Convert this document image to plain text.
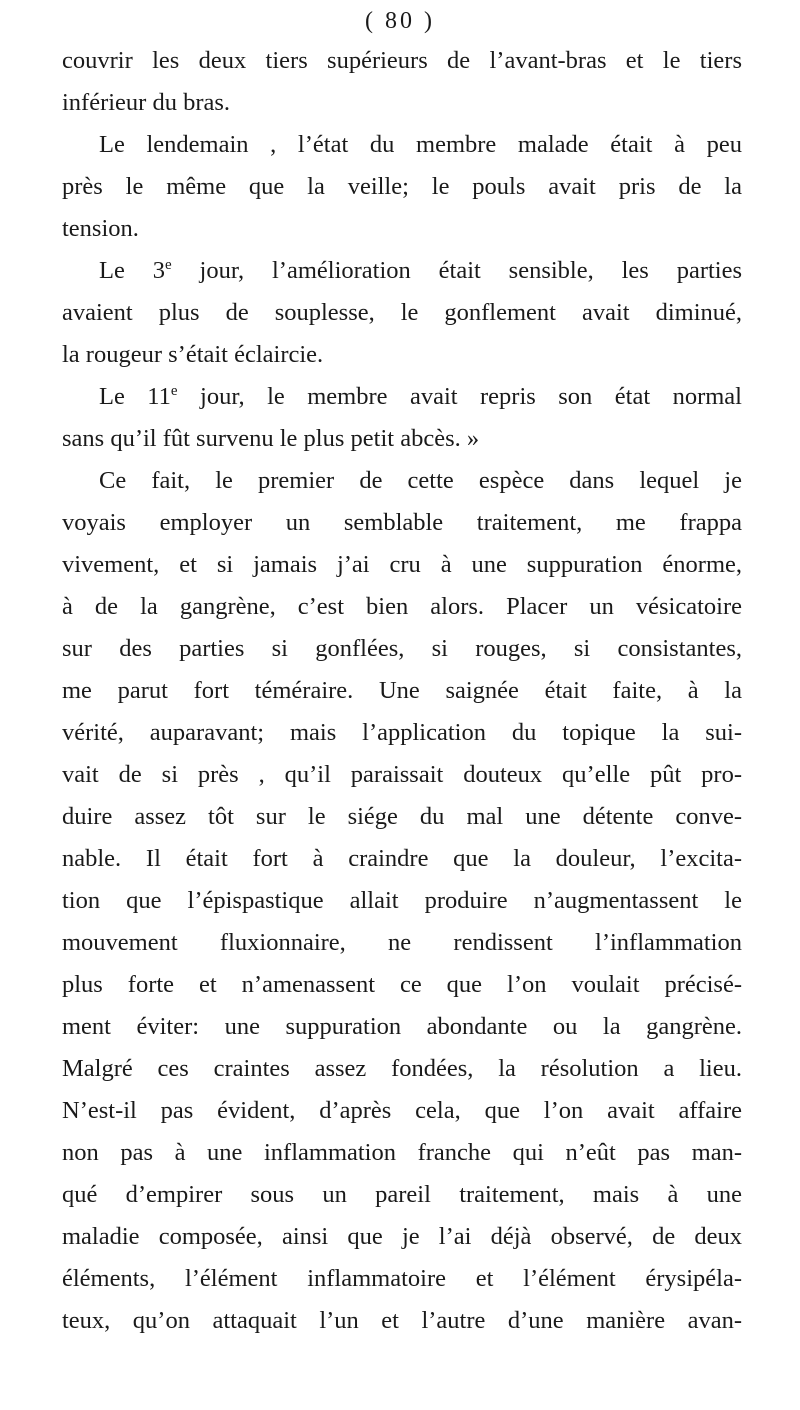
( 80 )
couvrir les deux tiers supérieurs de l’avant-bras et le tiers
inférieur du bras.
Le lendemain , l’état du membre malade était à peu
près le même que la veille; le pouls avait pris de la
tension.
Le 3e jour, l’amélioration était sensible, les parties
avaient plus de souplesse, le gonflement avait diminué,
la rougeur s’était éclaircie.
Le 11e jour, le membre avait repris son état normal
sans qu’il fût survenu le plus petit abcès. »
Ce fait, le premier de cette espèce dans lequel je
voyais employer un semblable traitement, me frappa
vivement, et si jamais j’ai cru à une suppuration énorme,
à de la gangrène, c’est bien alors. Placer un vésicatoire
sur des parties si gonflées, si rouges, si consistantes,
me parut fort téméraire. Une saignée était faite, à la
vérité, auparavant; mais l’application du topique la sui-
vait de si près , qu’il paraissait douteux qu’elle pût pro-
duire assez tôt sur le siége du mal une détente conve-
nable. Il était fort à craindre que la douleur, l’excita-
tion que l’épispastique allait produire n’augmentassent le
mouvement fluxionnaire, ne rendissent l’inflammation
plus forte et n’amenassent ce que l’on voulait précisé-
ment éviter: une suppuration abondante ou la gangrène.
Malgré ces craintes assez fondées, la résolution a lieu.
N’est-il pas évident, d’après cela, que l’on avait affaire
non pas à une inflammation franche qui n’eût pas man-
qué d’empirer sous un pareil traitement, mais à une
maladie composée, ainsi que je l’ai déjà observé, de deux
éléments, l’élément inflammatoire et l’élément érysipéla-
teux, qu’on attaquait l’un et l’autre d’une manière avan-
